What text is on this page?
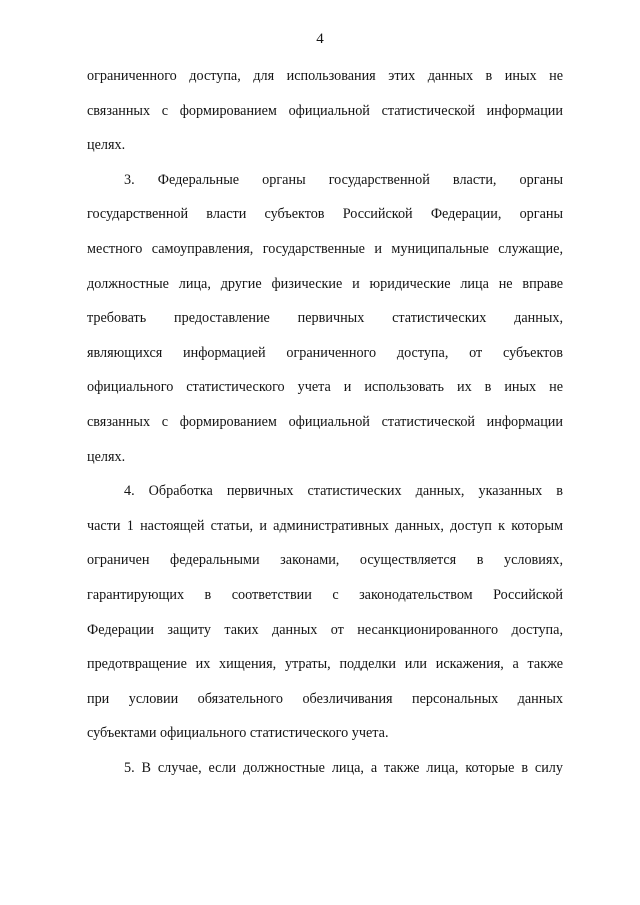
4
ограниченного доступа, для использования этих данных в иных не
связанных с формированием официальной статистической информации
целях.
3. Федеральные органы государственной власти, органы
государственной власти субъектов Российской Федерации, органы
местного самоуправления, государственные и муниципальные служащие,
должностные лица, другие физические и юридические лица не вправе
требовать предоставление первичных статистических данных,
являющихся информацией ограниченного доступа, от субъектов
официального статистического учета и использовать их в иных не
связанных с формированием официальной статистической информации
целях.
4. Обработка первичных статистических данных, указанных в
части 1 настоящей статьи, и административных данных, доступ к которым
ограничен федеральными законами, осуществляется в условиях,
гарантирующих в соответствии с законодательством Российской
Федерации защиту таких данных от несанкционированного доступа,
предотвращение их хищения, утраты, подделки или искажения, а также
при условии обязательного обезличивания персональных данных
субъектами официального статистического учета.
5. В случае, если должностные лица, а также лица, которые в силу
